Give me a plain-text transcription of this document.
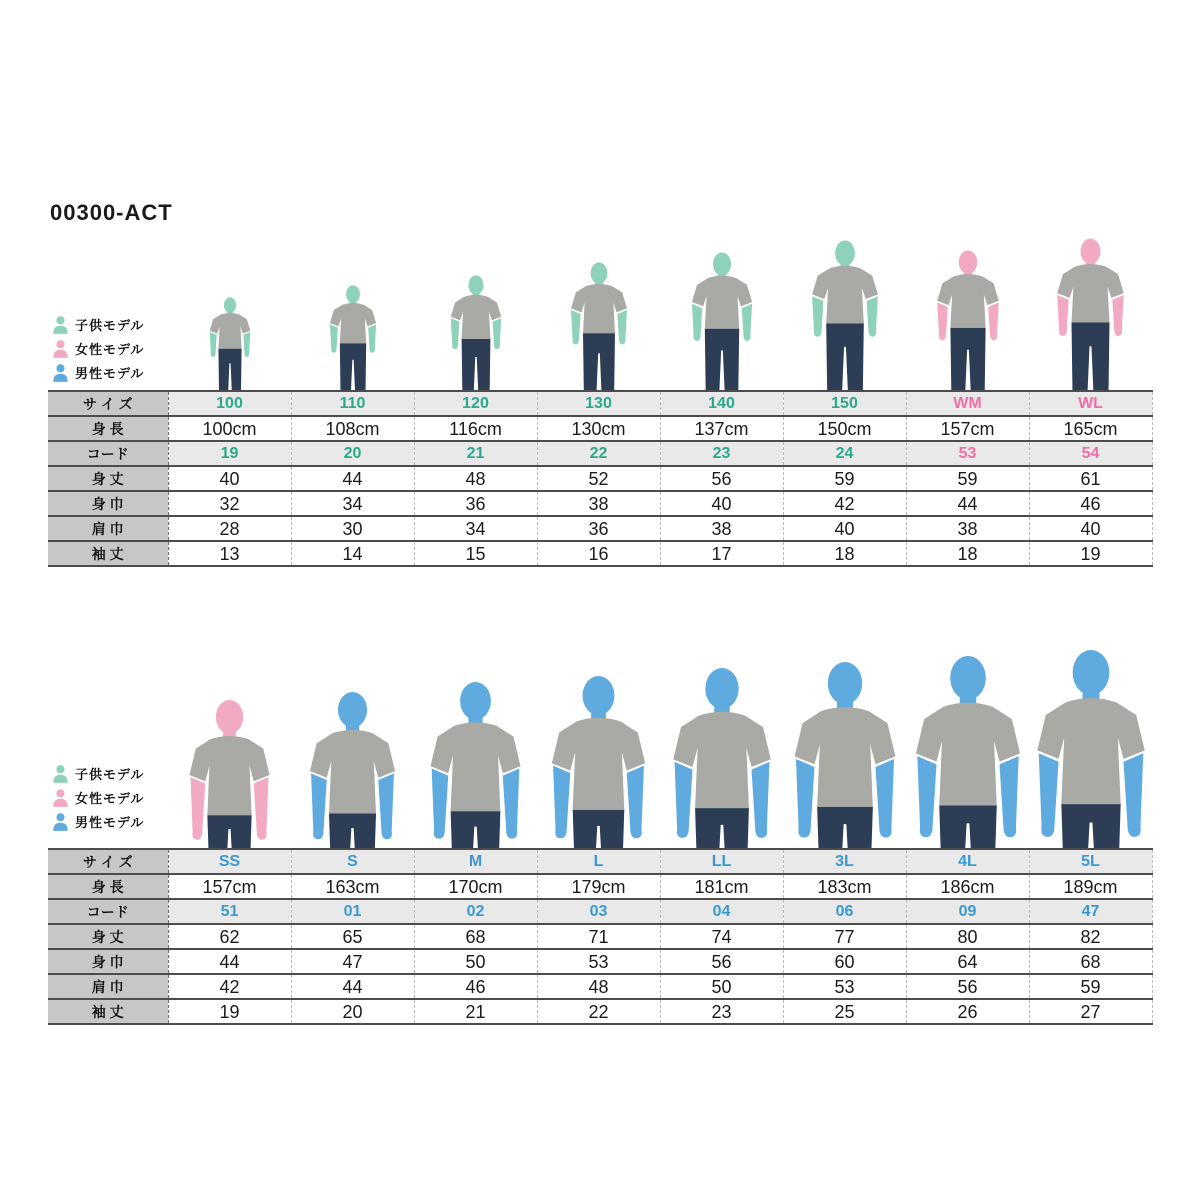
00300-ACT
子供モデル
女性モデル
男性モデル
サ イ ズ	100	110	120	130	140	150	WM	WL
身 長	100cm	108cm	116cm	130cm	137cm	150cm	157cm	165cm
コード	19	20	21	22	23	24	53	54
身 丈	40	44	48	52	56	59	59	61
身 巾	32	34	36	38	40	42	44	46
肩 巾	28	30	34	36	38	40	38	40
袖 丈	13	14	15	16	17	18	18	19
子供モデル
女性モデル
男性モデル
サ イ ズ	SS	S	M	L	LL	3L	4L	5L
身 長	157cm	163cm	170cm	179cm	181cm	183cm	186cm	189cm
コード	51	01	02	03	04	06	09	47
身 丈	62	65	68	71	74	77	80	82
身 巾	44	47	50	53	56	60	64	68
肩 巾	42	44	46	48	50	53	56	59
袖 丈	19	20	21	22	23	25	26	27
